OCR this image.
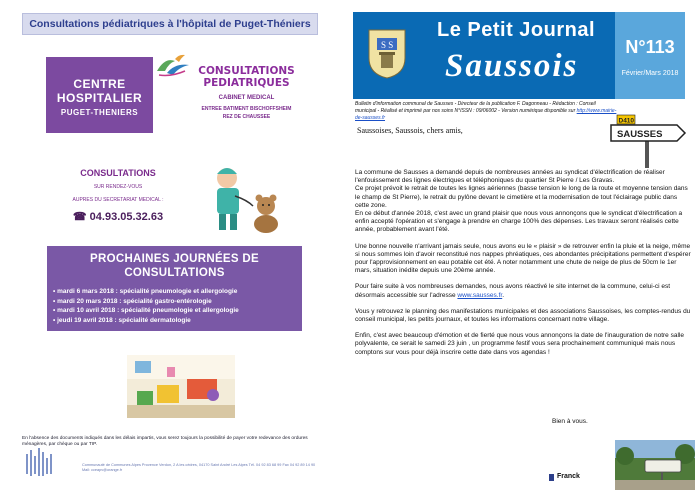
Consultations pédiatriques à l'hôpital de Puget-Théniers
CENTRE
HOSPITALIER
PUGET-THENIERS
CONSULTATIONS
PEDIATRIQUES
CABINET MEDICAL
ENTREE BATIMENT BISCHOFFSHEIM
REZ DE CHAUSSEE
CONSULTATIONS
SUR RENDEZ-VOUS
AUPRES DU SECRETARIAT MEDICAL :
☎ 04.93.05.32.63
PROCHAINES JOURNÉES DE
CONSULTATIONS
• mardi 6 mars 2018 : spécialité pneumologie et allergologie
• mardi 20 mars 2018 : spécialité gastro-entérologie
• mardi 10 avril 2018 : spécialité pneumologie et allergologie
• jeudi 19 avril 2018 : spécialité dermatologie
En l'absence des documents indiqués dans les délais impartis, vous serez toujours la possibilité de payer votre redevance des ordures ménagères, par chèque ou par TIP.
Communauté de Communes Alpes Provence Verdon, 2 A les cèdres, 04170 Saint André Les Alpes Tél. 04 92 83 68 99 Fax 04 92 89 14 90 Mail: cceapv@orange.fr
S S
Le Petit Journal
Saussois
N°113
Février/Mars 2018
Bulletin d'information communal de Sausses - Directeur de la publication F. Dagonneau - Rédaction : Conseil municipal - Réalisé et imprimé par nos soins N°ISSN : 09/06002 - Version numérique disponible sur http://www.mairie-de-sausses.fr
Saussoises, Saussois, chers amis,
D410
SAUSSES

La commune de Sausses a demandé depuis de nombreuses années au syndicat d'électrification de réaliser l'enfouissement des lignes électriques et téléphoniques du quartier St Pierre / Les Gravas.
Ce projet prévoit le retrait de toutes les lignes aériennes (basse tension le long de la route et moyenne tension dans le champ de St Pierre), le retrait du pylône devant le cimetière et la modernisation de tout l'éclairage public dans cette zone.
En ce début d'année 2018, c'est avec un grand plaisir que nous vous annonçons que le syndicat d'électrification a enfin accepté l'opération et s'engage à prendre en charge 100% des dépenses. Les travaux seront réalisés cette année, probablement avant l'été.

Une bonne nouvelle n'arrivant jamais seule, nous avons eu le « plaisir » de retrouver enfin la pluie et la neige, même si nous sommes loin d'avoir reconstitué nos nappes phréatiques, ces abondantes précipitations permettent d'espérer pour l'approvisionnement en eau potable cet été. A noter notamment une chute de neige de plus de 50cm le 1er mars, situation inédite depuis une 20ème année.

Pour faire suite à vos nombreuses demandes, nous avons réactivé le site internet de la commune, celui-ci est désormais accessible sur l'adresse www.sausses.fr.

Vous y retrouvez le planning des manifestations municipales et des associations Saussoises, les comptes-rendus du conseil municipal, les petits journaux, et toutes les informations concernant notre village.

Enfin, c'est avec beaucoup d'émotion et de fierté que nous vous annonçons la date de l'inauguration de notre salle polyvalente, ce serait le samedi 23 juin , un programme festif vous sera prochainement communiqué mais nous comptons sur vous pour déjà inscrire cette date dans vos agendas !

Bien à vous.
Franck
